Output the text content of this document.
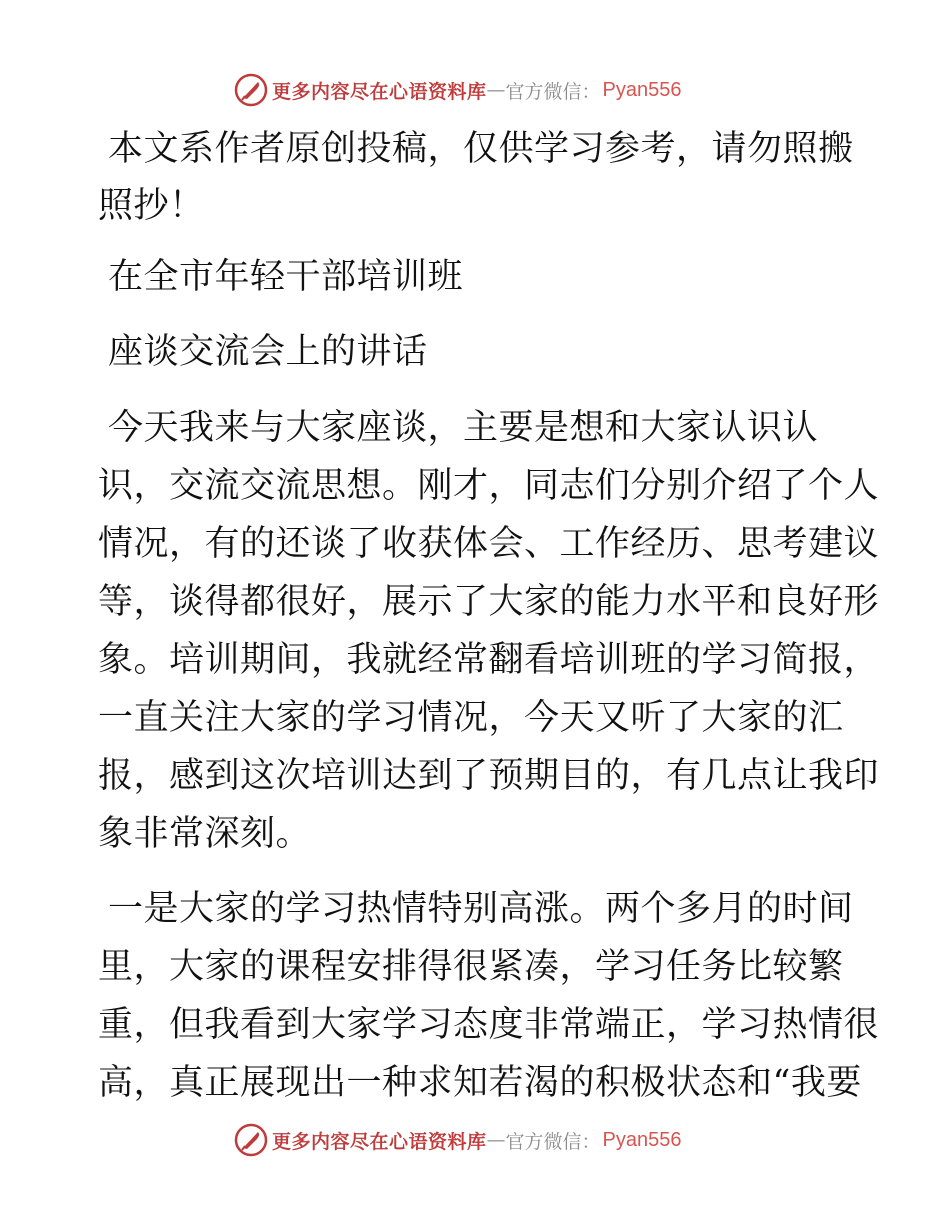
更多内容尽在心语资料库 — 官方微信： Pyan556
本文系作者原创投稿，仅供学习参考，请勿照搬
照抄！
在全市年轻干部培训班
座谈交流会上的讲话
今天我来与大家座谈，主要是想和大家认识认
识，交流交流思想。刚才，同志们分别介绍了个人
情况，有的还谈了收获体会、工作经历、思考建议
等，谈得都很好，展示了大家的能力水平和良好形
象。培训期间，我就经常翻看培训班的学习简报，
一直关注大家的学习情况，今天又听了大家的汇
报，感到这次培训达到了预期目的，有几点让我印
象非常深刻。
一是大家的学习热情特别高涨。两个多月的时间
里，大家的课程安排得很紧凑，学习任务比较繁
重，但我看到大家学习态度非常端正，学习热情很
高，真正展现出一种求知若渴的积极状态和“我要
更多内容尽在心语资料库 — 官方微信： Pyan556
